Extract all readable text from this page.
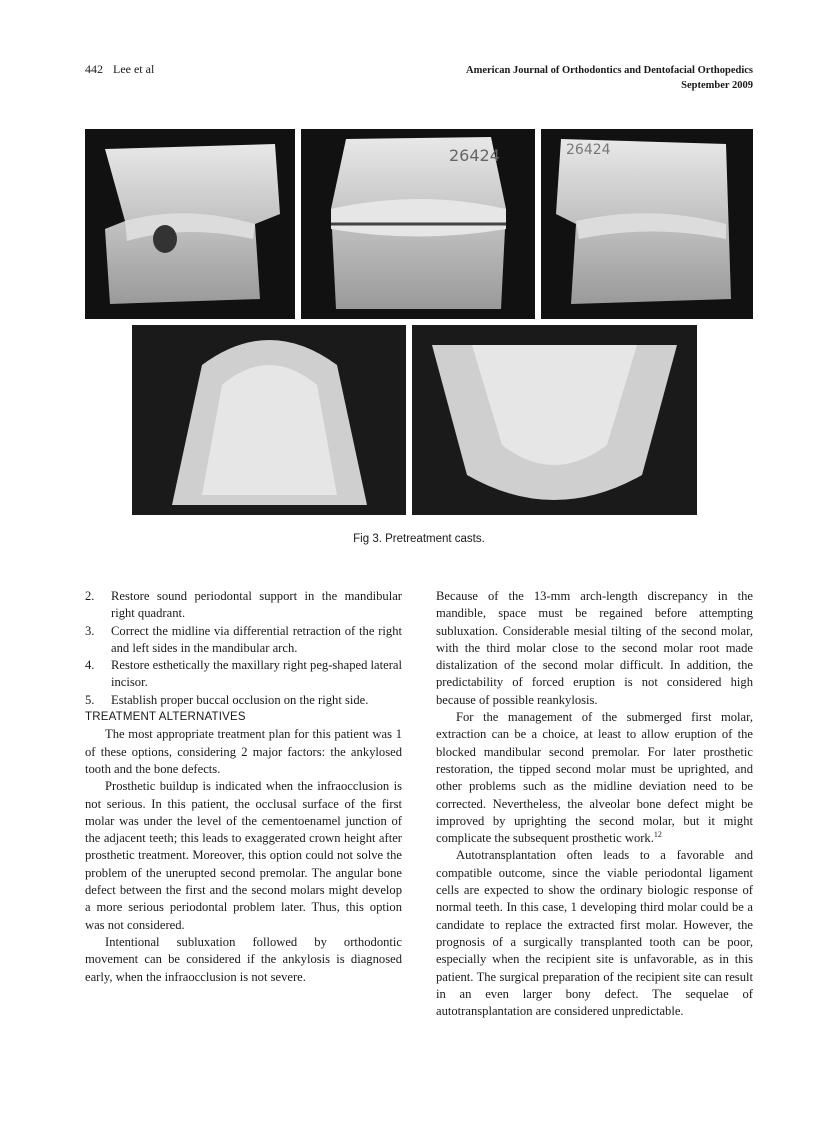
442 Lee et al	American Journal of Orthodontics and Dentofacial Orthopedics
September 2009
26424	26424
Fig 3. Pretreatment casts.
2. Restore sound periodontal support in the mandibular right quadrant.
3. Correct the midline via differential retraction of the right and left sides in the mandibular arch.
4. Restore esthetically the maxillary right peg-shaped lateral incisor.
5. Establish proper buccal occlusion on the right side.

TREATMENT ALTERNATIVES

The most appropriate treatment plan for this patient was 1 of these options, considering 2 major factors: the ankylosed tooth and the bone defects.

Prosthetic buildup is indicated when the infraocclusion is not serious. In this patient, the occlusal surface of the first molar was under the level of the cementoenamel junction of the adjacent teeth; this leads to exaggerated crown height after prosthetic treatment. Moreover, this option could not solve the problem of the unerupted second premolar. The angular bone defect between the first and the second molars might develop a more serious periodontal problem later. Thus, this option was not considered.

Intentional subluxation followed by orthodontic movement can be considered if the ankylosis is diagnosed early, when the infraocclusion is not severe.

Because of the 13-mm arch-length discrepancy in the mandible, space must be regained before attempting subluxation. Considerable mesial tilting of the second molar, with the third molar close to the second molar root made distalization of the second molar difficult. In addition, the predictability of forced eruption is not considered high because of possible reankylosis.

For the management of the submerged first molar, extraction can be a choice, at least to allow eruption of the blocked mandibular second premolar. For later prosthetic restoration, the tipped second molar must be uprighted, and other problems such as the midline deviation need to be corrected. Nevertheless, the alveolar bone defect might be improved by uprighting the second molar, but it might complicate the subsequent prosthetic work.$^{12}$

Autotransplantation often leads to a favorable and compatible outcome, since the viable periodontal ligament cells are expected to show the ordinary biologic response of normal teeth. In this case, 1 developing third molar could be a candidate to replace the extracted first molar. However, the prognosis of a surgically transplanted tooth can be poor, especially when the recipient site is unfavorable, as in this patient. The surgical preparation of the recipient site can result in an even larger bony defect. The sequelae of autotransplantation are considered unpredictable.
